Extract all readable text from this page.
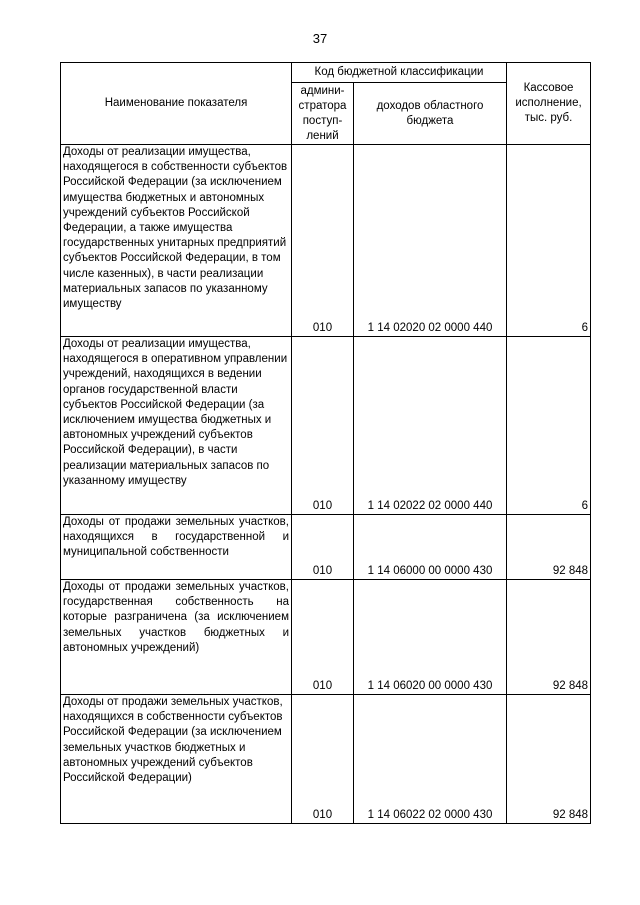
37
Наименование показателя	Код бюджетной классификации		Кассовое исполнение, тыс. руб.
	админи-стратора поступ-лений	доходов областного бюджета	
Доходы от реализации имущества, находящегося в собственности субъектов Российской Федерации (за исключением имущества бюджетных и автономных учреждений субъектов Российской Федерации, а также имущества государственных унитарных предприятий субъектов Российской Федерации, в том числе казенных), в части реализации материальных запасов по указанному имуществу	010	1 14 02020 02 0000 440	6
Доходы от реализации имущества, находящегося в оперативном управлении учреждений, находящихся в ведении органов государственной власти субъектов Российской Федерации (за исключением имущества бюджетных и автономных учреждений субъектов Российской Федерации), в части реализации материальных запасов по указанному имуществу	010	1 14 02022 02 0000 440	6
Доходы от продажи земельных участков, находящихся в государственной и муниципальной собственности	010	1 14 06000 00 0000 430	92 848
Доходы от продажи земельных участков, государственная собственность на которые разграничена (за исключением земельных участков бюджетных и автономных учреждений)	010	1 14 06020 00 0000 430	92 848
Доходы от продажи земельных участков, находящихся в собственности субъектов Российской Федерации (за исключением земельных участков бюджетных и автономных учреждений субъектов Российской Федерации)	010	1 14 06022 02 0000 430	92 848
